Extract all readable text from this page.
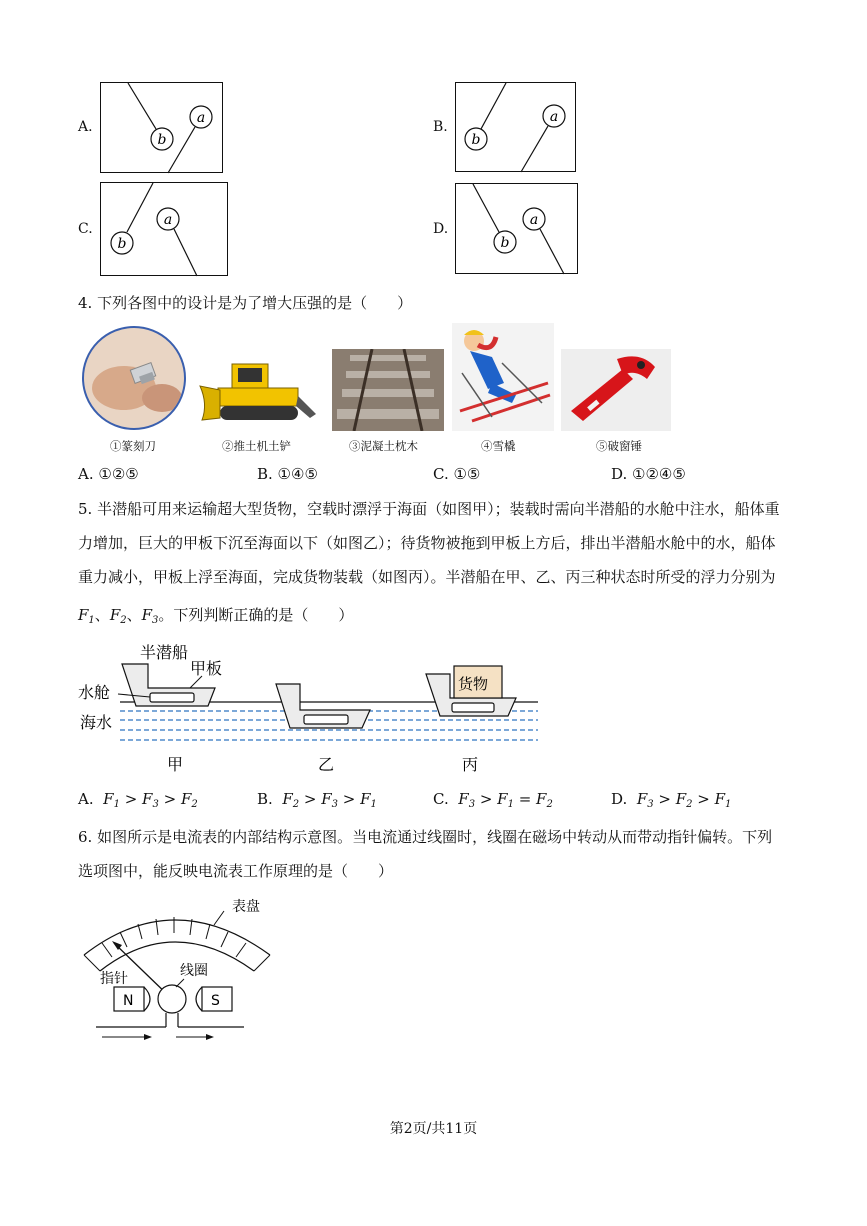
A.
b
a
B.
b
a
C.
b
a
D.
b
a
4. 下列各图中的设计是为了增大压强的是（　　）
①篆刻刀	②推土机土铲	③泥凝土枕木	④雪橇	⑤破窗锤
A. ①②⑤	B. ①④⑤	C. ①⑤	D. ①②④⑤
5. 半潜船可用来运输超大型货物，空载时漂浮于海面（如图甲）；装载时需向半潜船的水舱中注水，船体重
力增加，巨大的甲板下沉至海面以下（如图乙）；待货物被拖到甲板上方后，排出半潜船水舱中的水，船体
重力减小，甲板上浮至海面，完成货物装载（如图丙）。半潜船在甲、乙、丙三种状态时所受的浮力分别为
$F_1$、$F_2$、$F_3$。下列判断正确的是（　　）
半潜船
甲板
水舱
海水
货物
甲	乙	丙
A. $F_1 > F_3 > F_2$	B. $F_2 > F_3 > F_1$	C. $F_3 > F_1 = F_2$	D. $F_3 > F_2 > F_1$
6. 如图所示是电流表的内部结构示意图。当电流通过线圈时，线圈在磁场中转动从而带动指针偏转。下列
选项图中，能反映电流表工作原理的是（　　）
表盘
指针	线圈
N	S
第2页/共11页
